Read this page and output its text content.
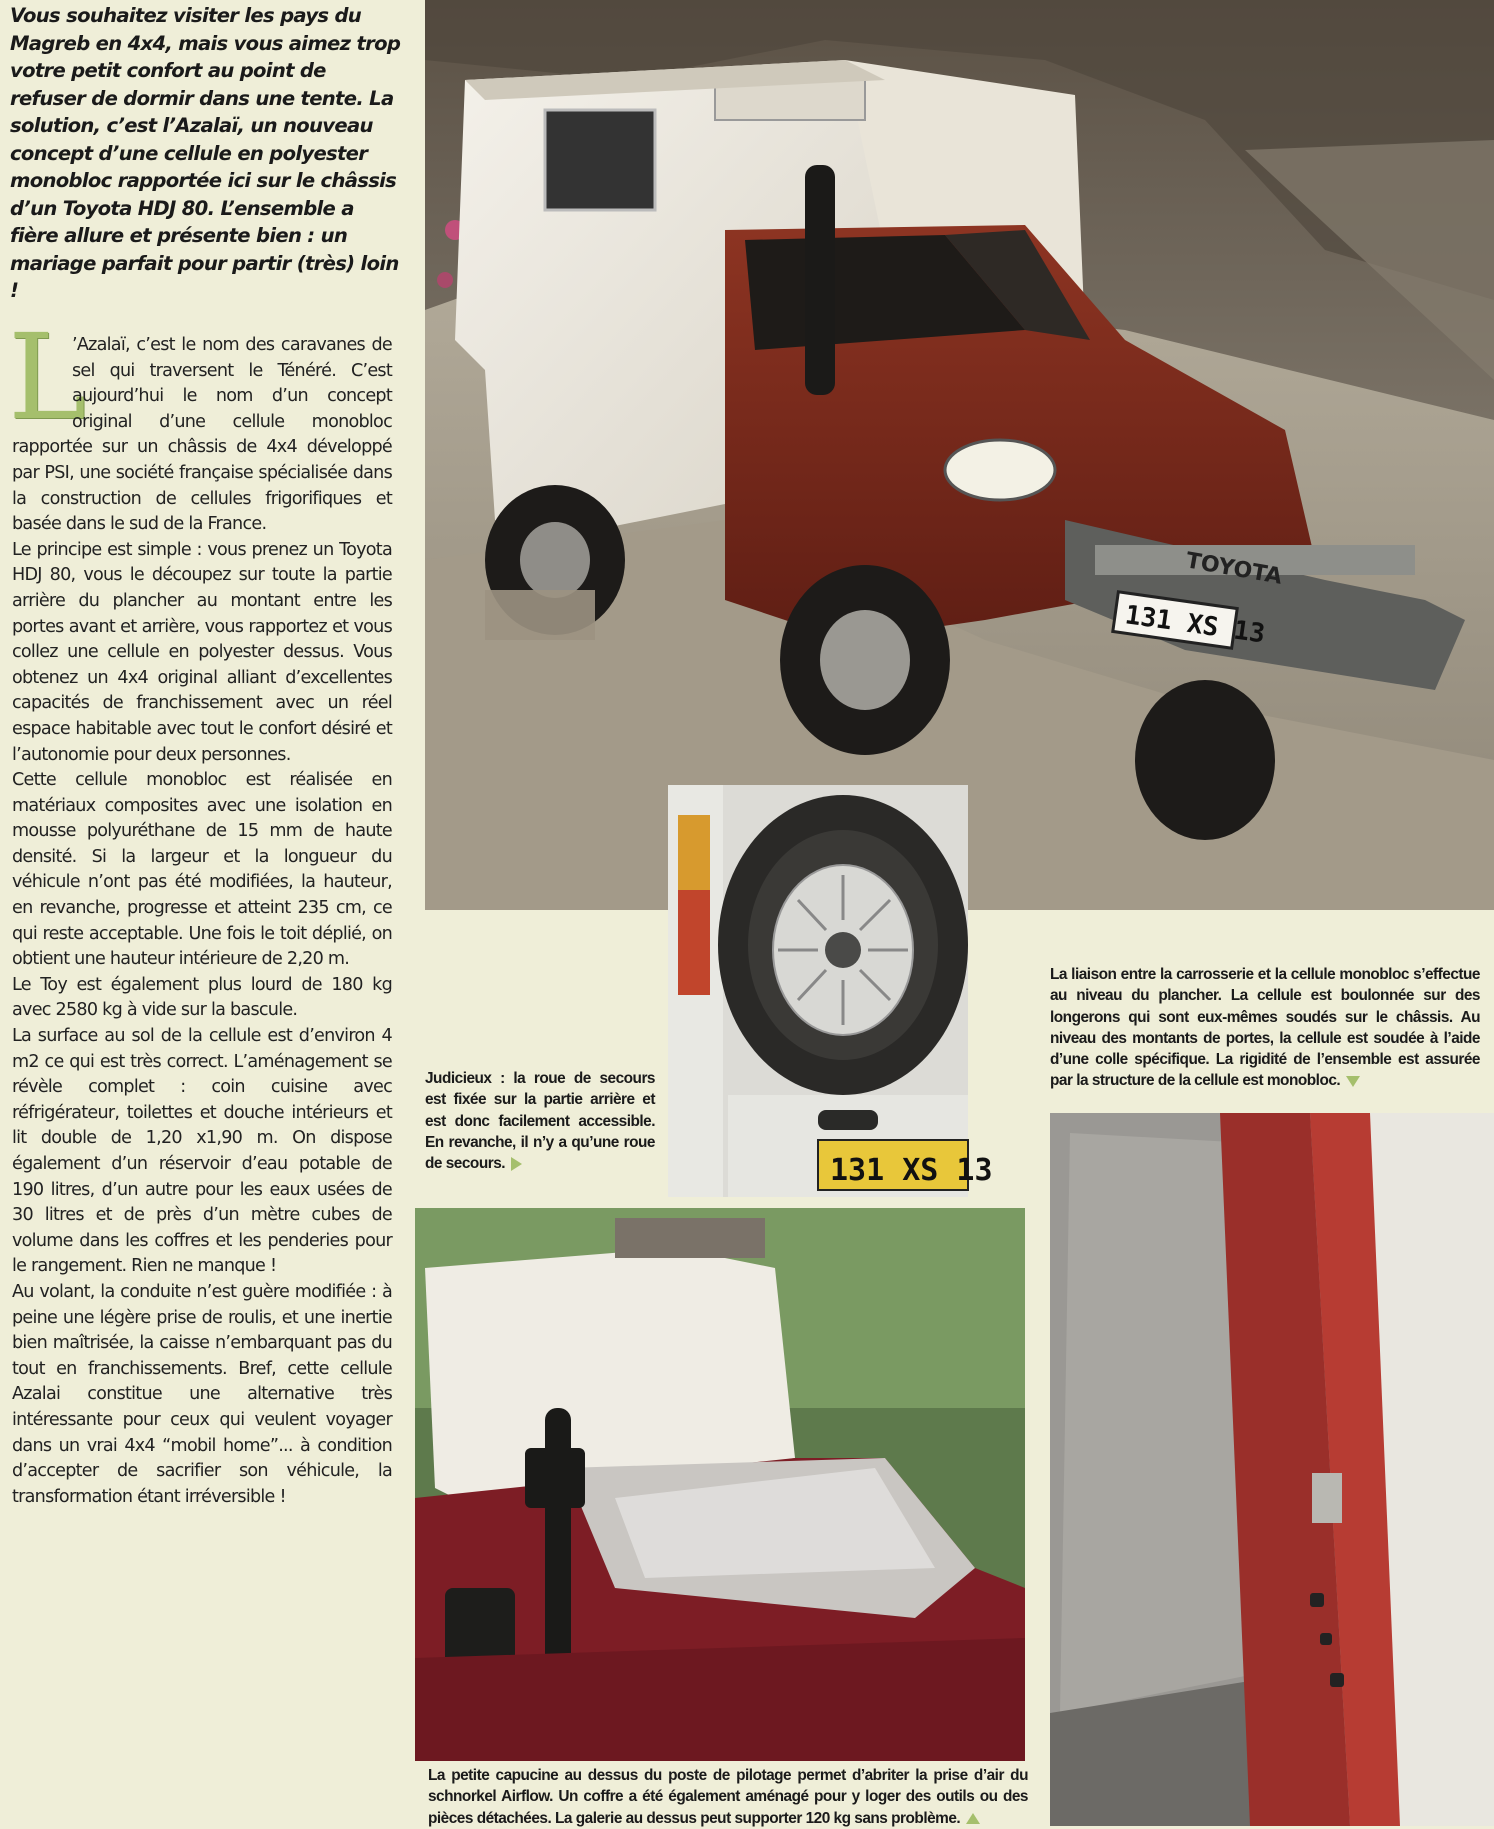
Vous souhaitez visiter les pays du Magreb en 4x4, mais vous aimez trop votre petit confort au point de refuser de dormir dans une tente. La solution, c’est l’Azalaï, un nouveau concept d’une cellule en polyester monobloc rapportée ici sur le châssis d’un Toyota HDJ 80. L’ensemble a fière allure et présente bien : un mariage parfait pour partir (très) loin !

L
’Azalaï, c’est le nom des caravanes de sel qui traversent le Ténéré. C’est aujourd’hui le nom d’un concept original d’une cellule monobloc rapportée sur un châssis de 4x4 développé par PSI, une société française spécialisée dans la construction de cellules frigorifiques et basée dans le sud de la France.

Le principe est simple : vous prenez un Toyota HDJ 80, vous le découpez sur toute la partie arrière du plancher au montant entre les portes avant et arrière, vous rapportez et vous collez une cellule en polyester dessus. Vous obtenez un 4x4 original alliant d’excellentes capacités de franchissement avec un réel espace habitable avec tout le confort désiré et l’autonomie pour deux personnes.

Cette cellule monobloc est réalisée en matériaux composites avec une isolation en mousse polyuréthane de 15 mm de haute densité. Si la largeur et la longueur du véhicule n’ont pas été modifiées, la hauteur, en revanche, progresse et atteint 235 cm, ce qui reste acceptable. Une fois le toit déplié, on obtient une hauteur intérieure de 2,20 m.

Le Toy est également plus lourd de 180 kg avec 2580 kg à vide sur la bascule.

La surface au sol de la cellule est d’environ 4 m2 ce qui est très correct. L’aménagement se révèle complet : coin cuisine avec réfrigérateur, toilettes et douche intérieurs et lit double de 1,20 x1,90 m. On dispose également d’un réservoir d’eau potable de 190 litres, d’un autre pour les eaux usées de 30 litres et de près d’un mètre cubes de volume dans les coffres et les penderies pour le rangement. Rien ne manque !

Au volant, la conduite n’est guère modifiée : à peine une légère prise de roulis, et une inertie bien maîtrisée, la caisse n’embarquant pas du tout en franchissements. Bref, cette cellule Azalai constitue une alternative très intéressante pour ceux qui veulent voyager dans un vrai 4x4 “mobil home”... à condition d’accepter de sacrifier son véhicule, la transformation étant irréversible !

TOYOTA
131 XS 13
131 XS 13
Judicieux : la roue de secours est fixée sur la partie arrière et est donc facilement accessible. En revanche, il n’y a qu’une roue de secours.
La liaison entre la carrosserie et la cellule monobloc s’effectue au niveau du plancher. La cellule est boulonnée sur des longerons qui sont eux-mêmes soudés sur le châssis. Au niveau des montants de portes, la cellule est soudée à l’aide d’une colle spécifique. La rigidité de l’ensemble est assurée par la structure de la cellule est monobloc.
La petite capucine au dessus du poste de pilotage permet d’abriter la prise d’air du schnorkel Airflow. Un coffre a été également aménagé pour y loger des outils ou des pièces détachées. La galerie au dessus peut supporter 120 kg sans problème.
